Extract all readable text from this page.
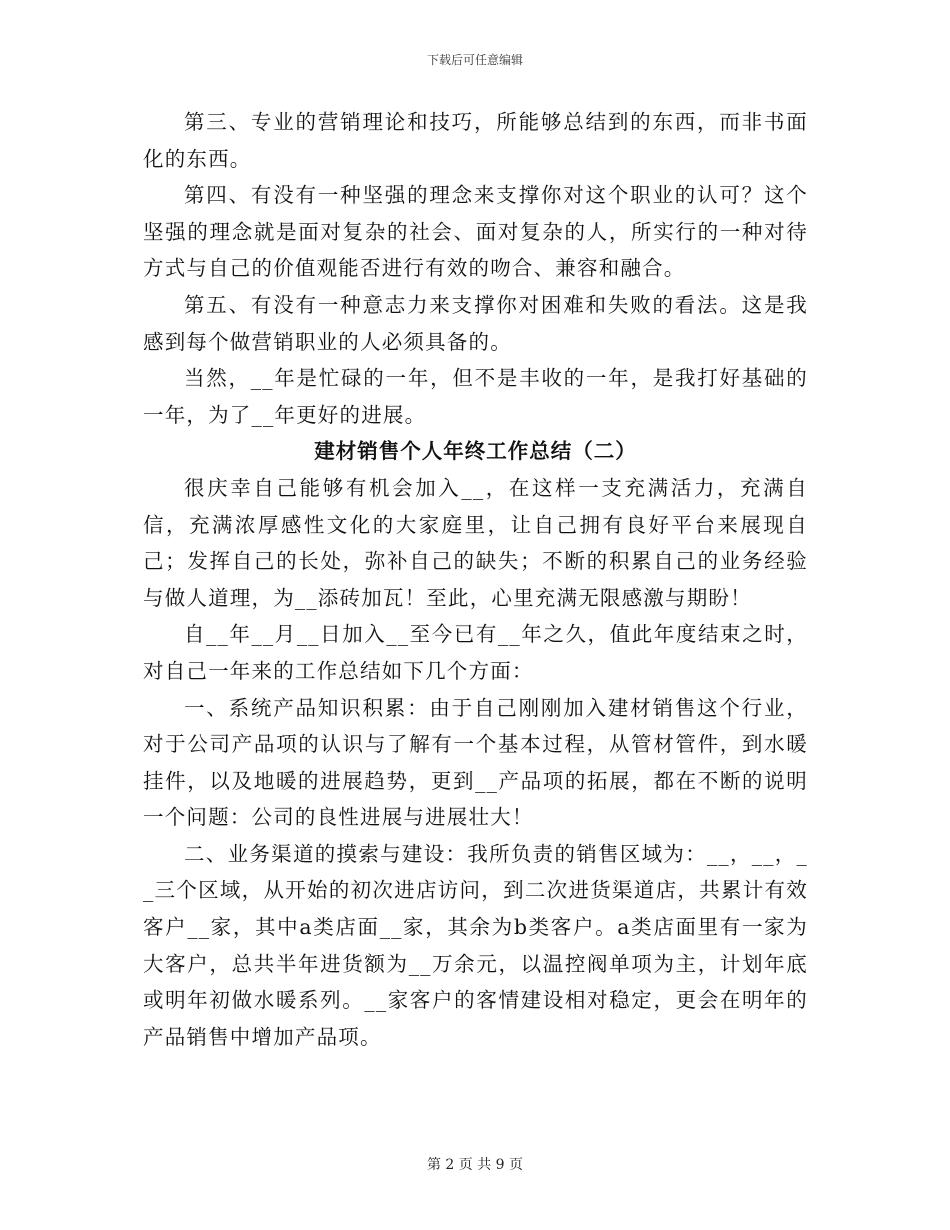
下载后可任意编辑

第三、专业的营销理论和技巧，所能够总结到的东西，而非书面化的东西。

第四、有没有一种坚强的理念来支撑你对这个职业的认可？这个坚强的理念就是面对复杂的社会、面对复杂的人，所实行的一种对待方式与自己的价值观能否进行有效的吻合、兼容和融合。

第五、有没有一种意志力来支撑你对困难和失败的看法。这是我感到每个做营销职业的人必须具备的。

当然，__年是忙碌的一年，但不是丰收的一年，是我打好基础的一年，为了__年更好的进展。

建材销售个人年终工作总结（二）

很庆幸自己能够有机会加入__，在这样一支充满活力，充满自信，充满浓厚感性文化的大家庭里，让自己拥有良好平台来展现自己；发挥自己的长处，弥补自己的缺失；不断的积累自己的业务经验与做人道理，为__添砖加瓦！至此，心里充满无限感激与期盼！

自__年__月__日加入__至今已有__年之久，值此年度结束之时，对自己一年来的工作总结如下几个方面：

一、系统产品知识积累：由于自己刚刚加入建材销售这个行业，对于公司产品项的认识与了解有一个基本过程，从管材管件，到水暖挂件，以及地暖的进展趋势，更到__产品项的拓展，都在不断的说明一个问题：公司的良性进展与进展壮大！

二、业务渠道的摸索与建设：我所负责的销售区域为：__，__，__三个区域，从开始的初次进店访问，到二次进货渠道店，共累计有效客户__家，其中a类店面__家，其余为b类客户。a类店面里有一家为大客户，总共半年进货额为__万余元，以温控阀单项为主，计划年底或明年初做水暖系列。__家客户的客情建设相对稳定，更会在明年的产品销售中增加产品项。

第 2 页 共 9 页
